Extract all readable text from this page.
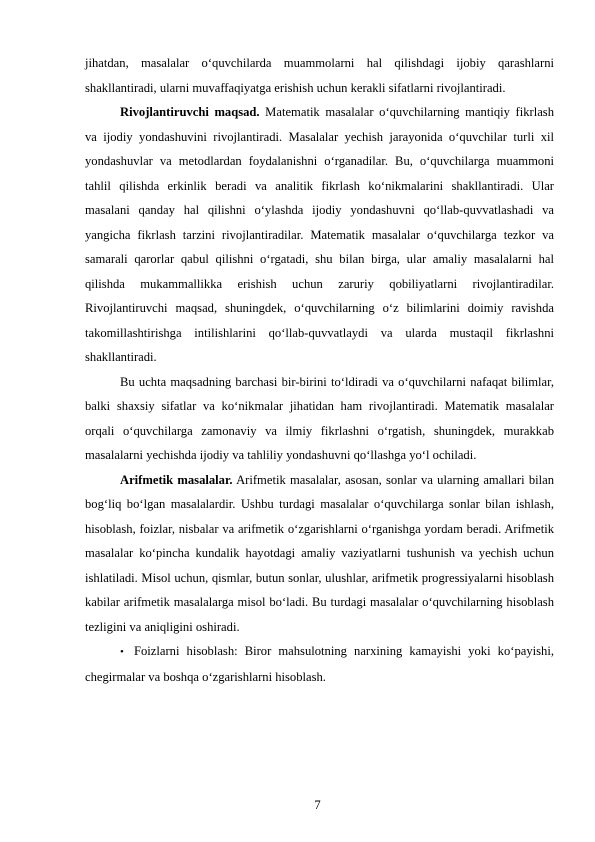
jihatdan, masalalar o‘quvchilarda muammolarni hal qilishdagi ijobiy qarashlarni shakllantiradi, ularni muvaffaqiyatga erishish uchun kerakli sifatlarni rivojlantiradi.

Rivojlantiruvchi maqsad. Matematik masalalar o‘quvchilarning mantiqiy fikrlash va ijodiy yondashuvini rivojlantiradi. Masalalar yechish jarayonida o‘quvchilar turli xil yondashuvlar va metodlardan foydalanishni o‘rganadilar. Bu, o‘quvchilarga muammoni tahlil qilishda erkinlik beradi va analitik fikrlash ko‘nikmalarini shakllantiradi. Ular masalani qanday hal qilishni o‘ylashda ijodiy yondashuvni qo‘llab-quvvatlashadi va yangicha fikrlash tarzini rivojlantiradilar. Matematik masalalar o‘quvchilarga tezkor va samarali qarorlar qabul qilishni o‘rgatadi, shu bilan birga, ular amaliy masalalarni hal qilishda mukammallikka erishish uchun zaruriy qobiliyatlarni rivojlantiradilar. Rivojlantiruvchi maqsad, shuningdek, o‘quvchilarning o‘z bilimlarini doimiy ravishda takomillashtirishga intilishlarini qo‘llab-quvvatlaydi va ularda mustaqil fikrlashni shakllantiradi.

Bu uchta maqsadning barchasi bir-birini to‘ldiradi va o‘quvchilarni nafaqat bilimlar, balki shaxsiy sifatlar va ko‘nikmalar jihatidan ham rivojlantiradi. Matematik masalalar orqali o‘quvchilarga zamonaviy va ilmiy fikrlashni o‘rgatish, shuningdek, murakkab masalalarni yechishda ijodiy va tahliliy yondashuvni qo‘llashga yo‘l ochiladi.

Arifmetik masalalar. Arifmetik masalalar, asosan, sonlar va ularning amallari bilan bog‘liq bo‘lgan masalalardir. Ushbu turdagi masalalar o‘quvchilarga sonlar bilan ishlash, hisoblash, foizlar, nisbalar va arifmetik o‘zgarishlarni o‘rganishga yordam beradi. Arifmetik masalalar ko‘pincha kundalik hayotdagi amaliy vaziyatlarni tushunish va yechish uchun ishlatiladi. Misol uchun, qismlar, butun sonlar, ulushlar, arifmetik progressiyalarni hisoblash kabilar arifmetik masalalarga misol bo‘ladi. Bu turdagi masalalar o‘quvchilarning hisoblash tezligini va aniqligini oshiradi.

• Foizlarni hisoblash: Biror mahsulotning narxining kamayishi yoki ko‘payishi, chegirmalar va boshqa o‘zgarishlarni hisoblash.

7
